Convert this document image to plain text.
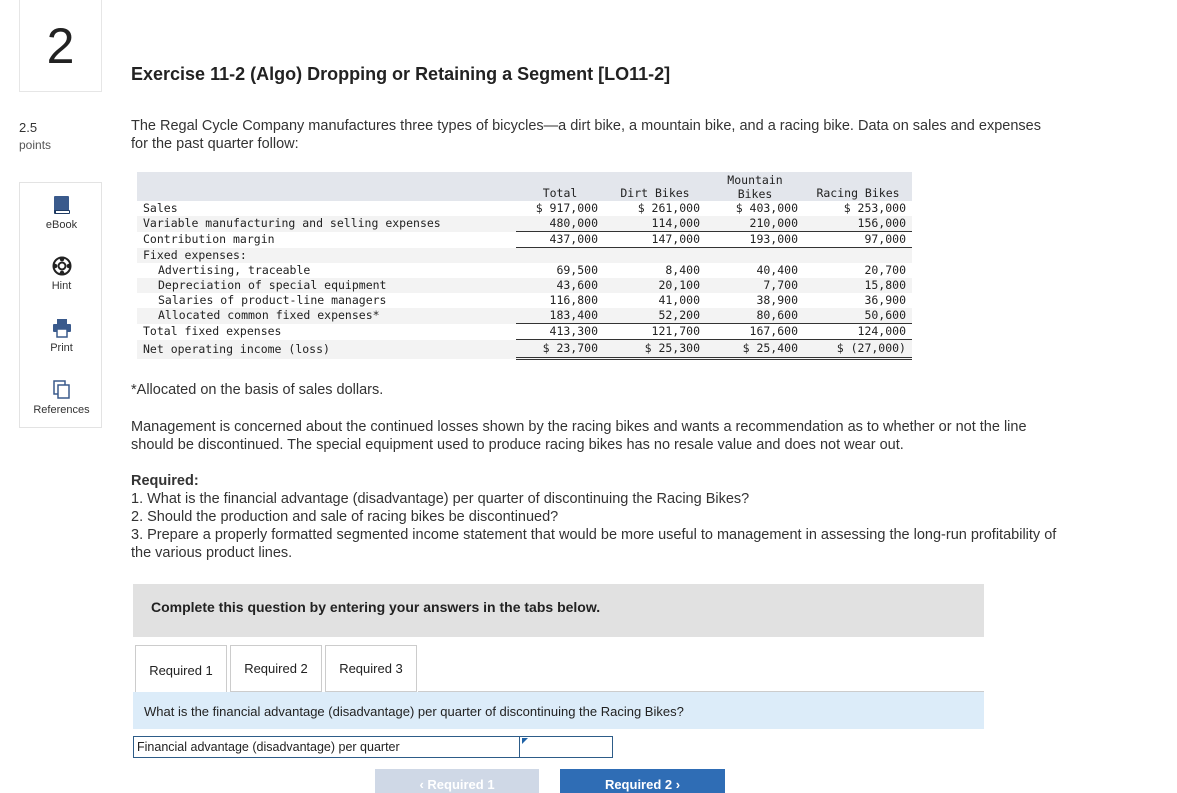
2
2.5
points
eBook
Hint
Print
References
Exercise 11-2 (Algo) Dropping or Retaining a Segment [LO11-2]
The Regal Cycle Company manufactures three types of bicycles—a dirt bike, a mountain bike, and a racing bike. Data on sales and expenses for the past quarter follow:
	Total	Dirt Bikes	Mountain
Bikes	Racing Bikes
Sales	$ 917,000	$ 261,000	$ 403,000	$ 253,000
Variable manufacturing and selling expenses	480,000	114,000	210,000	156,000
Contribution margin	437,000	147,000	193,000	97,000
Fixed expenses:				
Advertising, traceable	69,500	8,400	40,400	20,700
Depreciation of special equipment	43,600	20,100	7,700	15,800
Salaries of product-line managers	116,800	41,000	38,900	36,900
Allocated common fixed expenses*	183,400	52,200	80,600	50,600
Total fixed expenses	413,300	121,700	167,600	124,000
Net operating income (loss)	$ 23,700	$ 25,300	$ 25,400	$ (27,000)
*Allocated on the basis of sales dollars.
Management is concerned about the continued losses shown by the racing bikes and wants a recommendation as to whether or not the line should be discontinued. The special equipment used to produce racing bikes has no resale value and does not wear out.
Required:
1. What is the financial advantage (disadvantage) per quarter of discontinuing the Racing Bikes?
2. Should the production and sale of racing bikes be discontinued?
3. Prepare a properly formatted segmented income statement that would be more useful to management in assessing the long-run profitability of the various product lines.
Complete this question by entering your answers in the tabs below.
Required 1	Required 2	Required 3
What is the financial advantage (disadvantage) per quarter of discontinuing the Racing Bikes?
Financial advantage (disadvantage) per quarter
‹ Required 1	Required 2 ›
